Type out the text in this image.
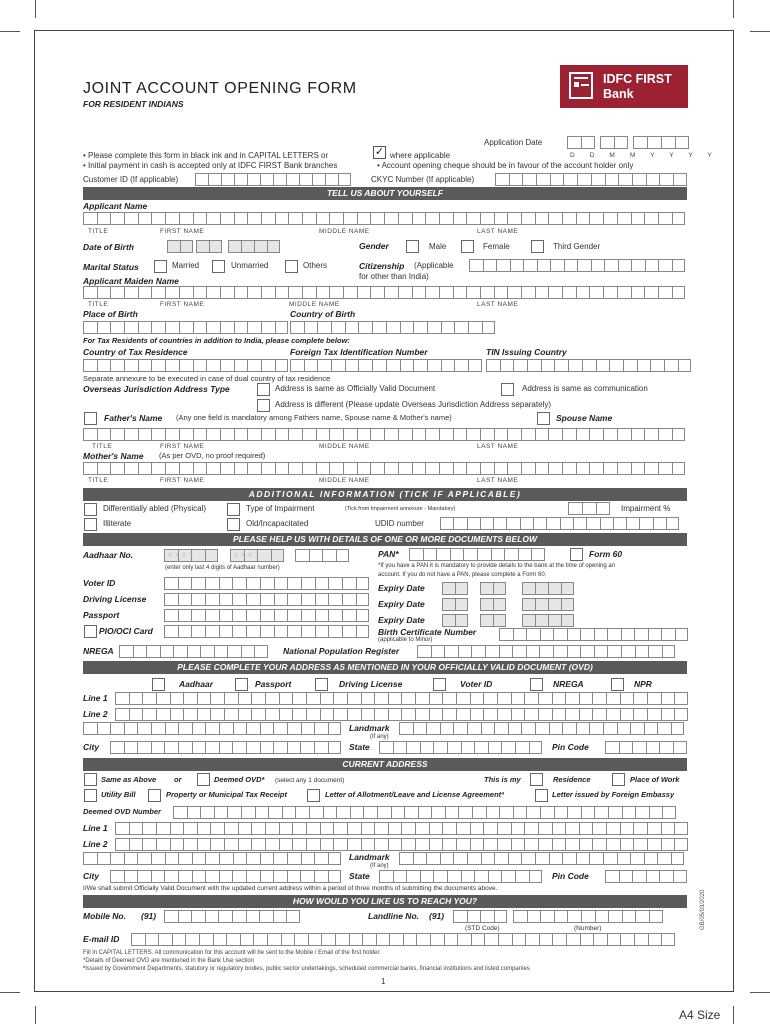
JOINT ACCOUNT OPENING FORM
FOR RESIDENT INDIANS
IDFC FIRST
Bank
Application Date
D D M M Y Y Y Y
• Please complete this form in black ink and in CAPITAL LETTERS or	✓ where applicable
• Initial payment in cash is accepted only at IDFC FIRST Bank branches	• Account opening cheque should be in favour of the account holder only
Customer ID (If applicable)	CKYC Number (If applicable)
TELL US ABOUT YOURSELF
Applicant Name
TITLE	FIRST NAME	MIDDLE NAME	LAST NAME
Date of Birth	Gender	Male	Female	Third Gender
Marital Status	Married	Unmarried	Others	Citizenship (Applicable
for other than India)
Applicant Maiden Name
TITLE	FIRST NAME	MIDDLE NAME	LAST NAME
Place of Birth	Country of Birth
For Tax Residents of countries in addition to India, please complete below:
Country of Tax Residence	Foreign Tax Identification Number	TIN Issuing Country
Separate annexure to be executed in case of dual country of tax residence
Overseas Jurisdiction Address Type	Address is same as Officially Valid Document	Address is same as communication
Address is different (Please update Overseas Jurisdiction Address separately)
Father's Name (Any one field is mandatory among Fathers name, Spouse name & Mother's name)	Spouse Name
TITLE	FIRST NAME	MIDDLE NAME	LAST NAME
Mother's Name (As per OVD, no proof required)
TITLE	FIRST NAME	MIDDLE NAME	LAST NAME
ADDITIONAL INFORMATION (TICK IF APPLICABLE)
Differentially abled (Physical)	Type of Impairment	(Tick from Impairment annexure - Mandatory)	Impairment %
Illiterate	Old/Incapacitated	UDID number
PLEASE HELP US WITH DETAILS OF ONE OR MORE DOCUMENTS BELOW
Aadhaar No.	XXXX	XXXX
(enter only last 4 digits of Aadhaar number)
PAN*	Form 60
*If you have a PAN it is mandatory to provide details to the bank at the time of opening an
account. If you do not have a PAN, please complete a Form 60.
Voter ID	Expiry Date
Driving License	Expiry Date
Passport	Expiry Date
PIO/OCI Card	Birth Certificate Number
(applicable to Minor)
NREGA	National Population Register
PLEASE COMPLETE YOUR ADDRESS AS MENTIONED IN YOUR OFFICIALLY VALID DOCUMENT (OVD)
Aadhaar	Passport	Driving License	Voter ID	NREGA	NPR
Line 1
Line 2
Landmark
(If any)
City	State	Pin Code
CURRENT ADDRESS
Same as Above or	Deemed OVD* (select any 1 document)	This is my	Residence	Place of Work
Utility Bill	Property or Municipal Tax Receipt	Letter of Allotment/Leave and License Agreementª	Letter issued by Foreign Embassy
Deemed OVD Number
Line 1
Line 2
Landmark
(If any)
City	State	Pin Code
I/We shall submit Officially Valid Document with the updated current address within a period of three months of submitting the documents above.
HOW WOULD YOU LIKE US TO REACH YOU?
Mobile No. (91)	Landline No. (91)
(STD Code)	(Number)
E-mail ID
Fill in CAPITAL LETTERS. All communication for this account will be sent to the Mobile / Email of the first holder.
*Details of Deemed OVD are mentioned in the Bank Use section
ªIssued by Government Departments, statutory or regulatory bodies, public sector undertakings, scheduled commercial banks, financial institutions and listed companies
1
GB/05/03/2020
A4 Size
